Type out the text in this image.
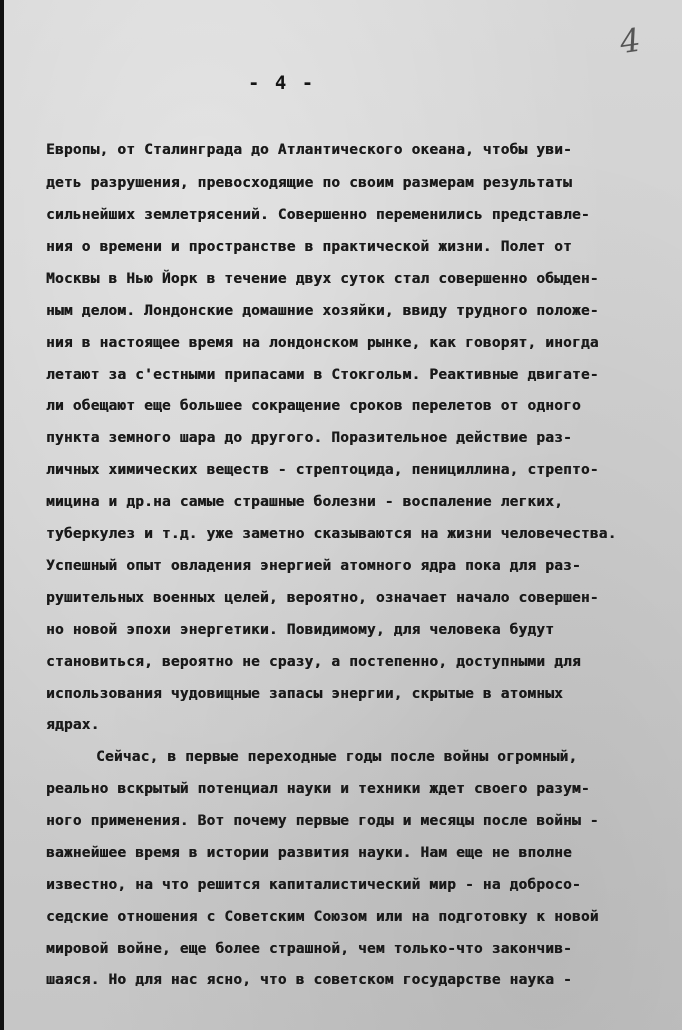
4
- 4 -
Европы, от Сталинграда до Атлантического океана, чтобы уви-
деть разрушения, превосходящие по своим размерам результаты
сильнейших землетрясений. Совершенно переменились представле-
ния о времени и пространстве в практической жизни. Полет от
Москвы в Нью Йорк в течение двух суток стал совершенно обыден-
ным делом. Лондонские домашние хозяйки, ввиду трудного положе-
ния в настоящее время на лондонском рынке, как говорят, иногда
летают за с'естными припасами в Стокгольм. Реактивные двигате-
ли обещают еще большее сокращение сроков перелетов от одного
пункта земного шара до другого. Поразительное действие раз-
личных химических веществ - стрептоцида, пенициллина, стрепто-
мицина и др.на самые страшные болезни - воспаление легких,
туберкулез и т.д. уже заметно сказываются на жизни человечества.
Успешный опыт овладения энергией атомного ядра пока для раз-
рушительных военных целей, вероятно, означает начало совершен-
но новой эпохи энергетики. Повидимому, для человека будут
становиться, вероятно не сразу, а постепенно, доступными для
использования чудовищные запасы энергии, скрытые в атомных
ядрах.
Сейчас, в первые переходные годы после войны огромный,
реально вскрытый потенциал науки и техники ждет своего разум-
ного применения. Вот почему первые годы и месяцы после войны -
важнейшее время в истории развития науки. Нам еще не вполне
известно, на что решится капиталистический мир - на добросо-
седские отношения с Советским Союзом или на подготовку к новой
мировой войне, еще более страшной, чем только-что закончив-
шаяся. Но для нас ясно, что в советском государстве наука -
